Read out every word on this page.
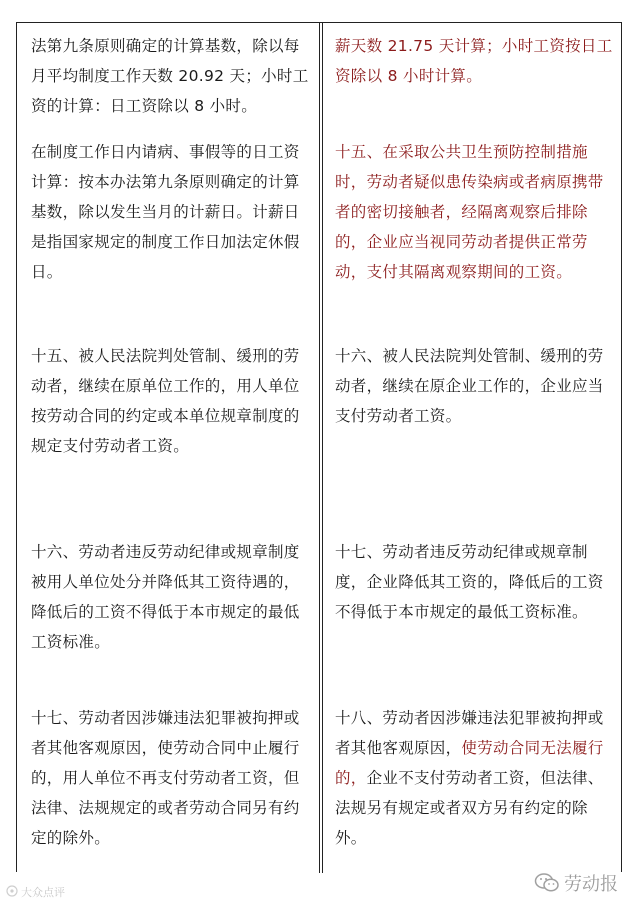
法第九条原则确定的计算基数，除以每月平均制度工作天数 20.92 天；小时工资的计算：日工资除以 8 小时。

在制度工作日内请病、事假等的日工资计算：按本办法第九条原则确定的计算基数，除以发生当月的计薪日。计薪日是指国家规定的制度工作日加法定休假日。

十五、被人民法院判处管制、缓刑的劳动者，继续在原单位工作的，用人单位按劳动合同的约定或本单位规章制度的规定支付劳动者工资。

十六、劳动者违反劳动纪律或规章制度被用人单位处分并降低其工资待遇的，降低后的工资不得低于本市规定的最低工资标准。

十七、劳动者因涉嫌违法犯罪被拘押或者其他客观原因，使劳动合同中止履行的，用人单位不再支付劳动者工资，但法律、法规规定的或者劳动合同另有约定的除外。

薪天数 21.75 天计算；小时工资按日工资除以 8 小时计算。

十五、在采取公共卫生预防控制措施时，劳动者疑似患传染病或者病原携带者的密切接触者，经隔离观察后排除的，企业应当视同劳动者提供正常劳动，支付其隔离观察期间的工资。

十六、被人民法院判处管制、缓刑的劳动者，继续在原企业工作的，企业应当支付劳动者工资。

十七、劳动者违反劳动纪律或规章制度，企业降低其工资的，降低后的工资不得低于本市规定的最低工资标准。

十八、劳动者因涉嫌违法犯罪被拘押或者其他客观原因，使劳动合同无法履行的，企业不支付劳动者工资，但法律、法规另有规定或者双方另有约定的除外。

大众点评	劳动报
